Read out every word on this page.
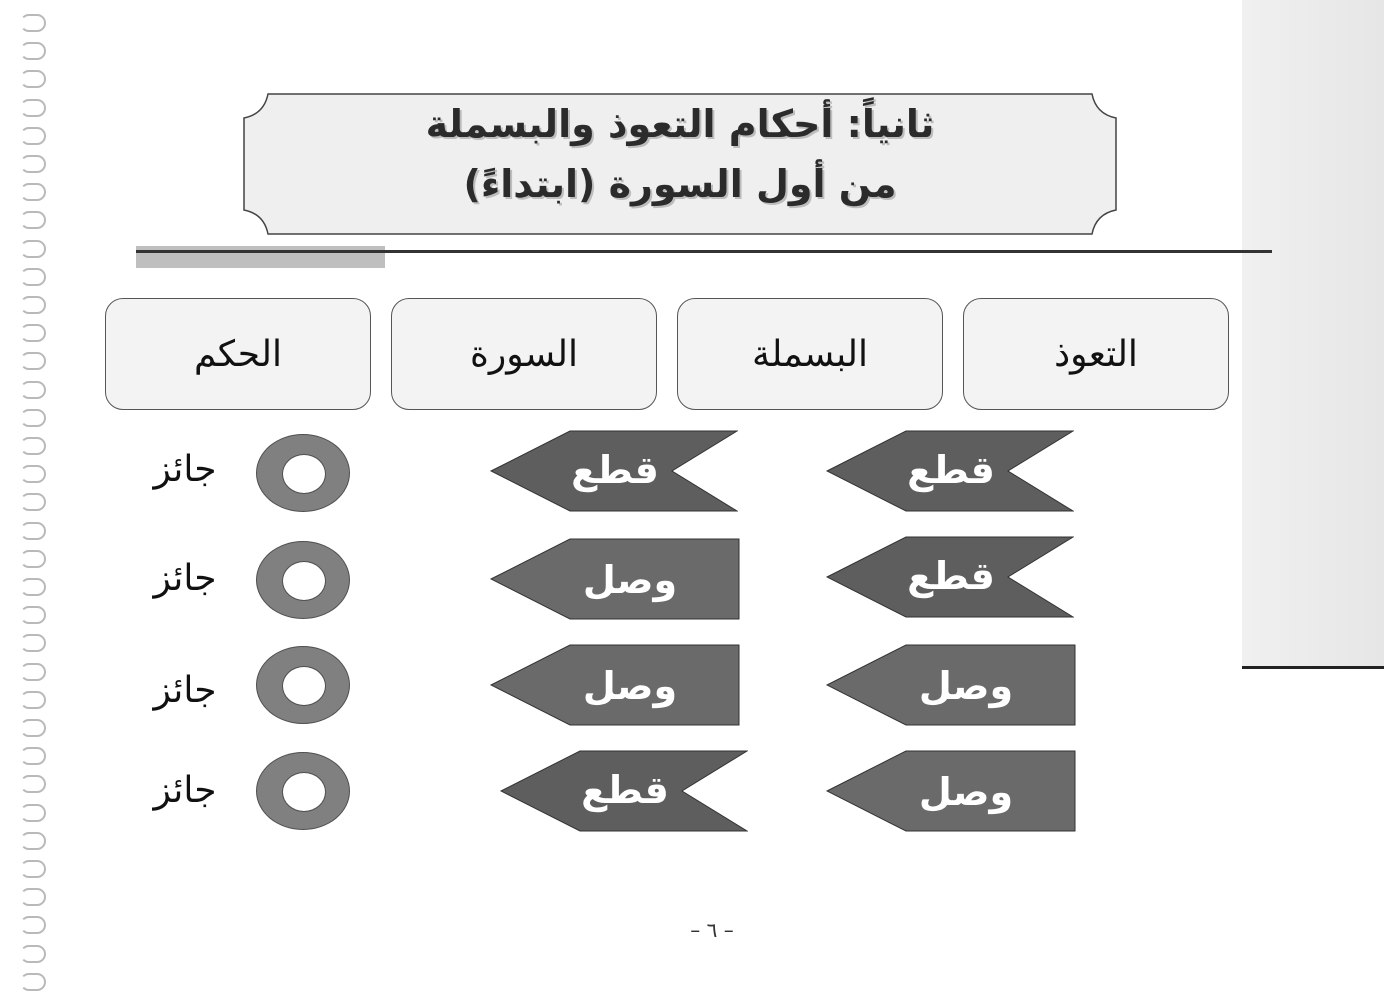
ثانياً: أحكام التعوذ والبسملة
من أول السورة (ابتداءً)
التعوذ
البسملة
السورة
الحكم
قطع
قطع
جائز
قطع
وصل
جائز
وصل
وصل
جائز
وصل
قطع
جائز
– ٦ –
